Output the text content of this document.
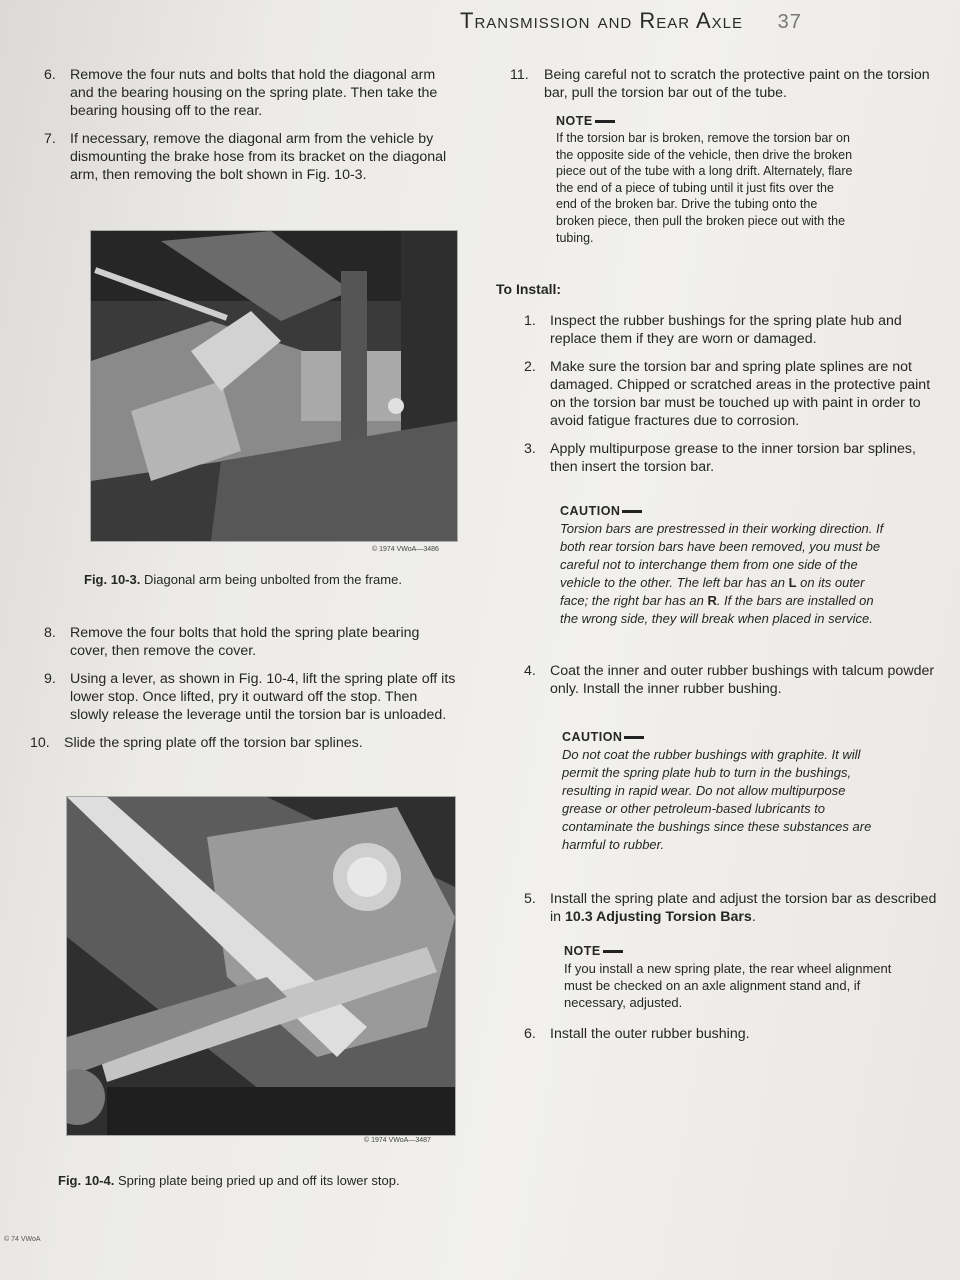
Transmission and Rear Axle 37
6. Remove the four nuts and bolts that hold the diagonal arm and the bearing housing on the spring plate. Then take the bearing housing off to the rear.
7. If necessary, remove the diagonal arm from the vehicle by dismounting the brake hose from its bracket on the diagonal arm, then removing the bolt shown in Fig. 10-3.
© 1974 VWoA—3486
Fig. 10-3. Diagonal arm being unbolted from the frame.
8. Remove the four bolts that hold the spring plate bearing cover, then remove the cover.
9. Using a lever, as shown in Fig. 10-4, lift the spring plate off its lower stop. Once lifted, pry it outward off the stop. Then slowly release the leverage until the torsion bar is unloaded.
10. Slide the spring plate off the torsion bar splines.
© 1974 VWoA—3487
Fig. 10-4. Spring plate being pried up and off its lower stop.
© 74 VWoA
11. Being careful not to scratch the protective paint on the torsion bar, pull the torsion bar out of the tube.
NOTE
If the torsion bar is broken, remove the torsion bar on the opposite side of the vehicle, then drive the broken piece out of the tube with a long drift. Alternately, flare the end of a piece of tubing until it just fits over the end of the broken bar. Drive the tubing onto the broken piece, then pull the broken piece out with the tubing.
To Install:
1. Inspect the rubber bushings for the spring plate hub and replace them if they are worn or damaged.
2. Make sure the torsion bar and spring plate splines are not damaged. Chipped or scratched areas in the protective paint on the torsion bar must be touched up with paint in order to avoid fatigue fractures due to corrosion.
3. Apply multipurpose grease to the inner torsion bar splines, then insert the torsion bar.
CAUTION
Torsion bars are prestressed in their working direction. If both rear torsion bars have been removed, you must be careful not to interchange them from one side of the vehicle to the other. The left bar has an L on its outer face; the right bar has an R. If the bars are installed on the wrong side, they will break when placed in service.
4. Coat the inner and outer rubber bushings with talcum powder only. Install the inner rubber bushing.
CAUTION
Do not coat the rubber bushings with graphite. It will permit the spring plate hub to turn in the bushings, resulting in rapid wear. Do not allow multipurpose grease or other petroleum-based lubricants to contaminate the bushings since these substances are harmful to rubber.
5. Install the spring plate and adjust the torsion bar as described in 10.3 Adjusting Torsion Bars.
NOTE
If you install a new spring plate, the rear wheel alignment must be checked on an axle alignment stand and, if necessary, adjusted.
6. Install the outer rubber bushing.
